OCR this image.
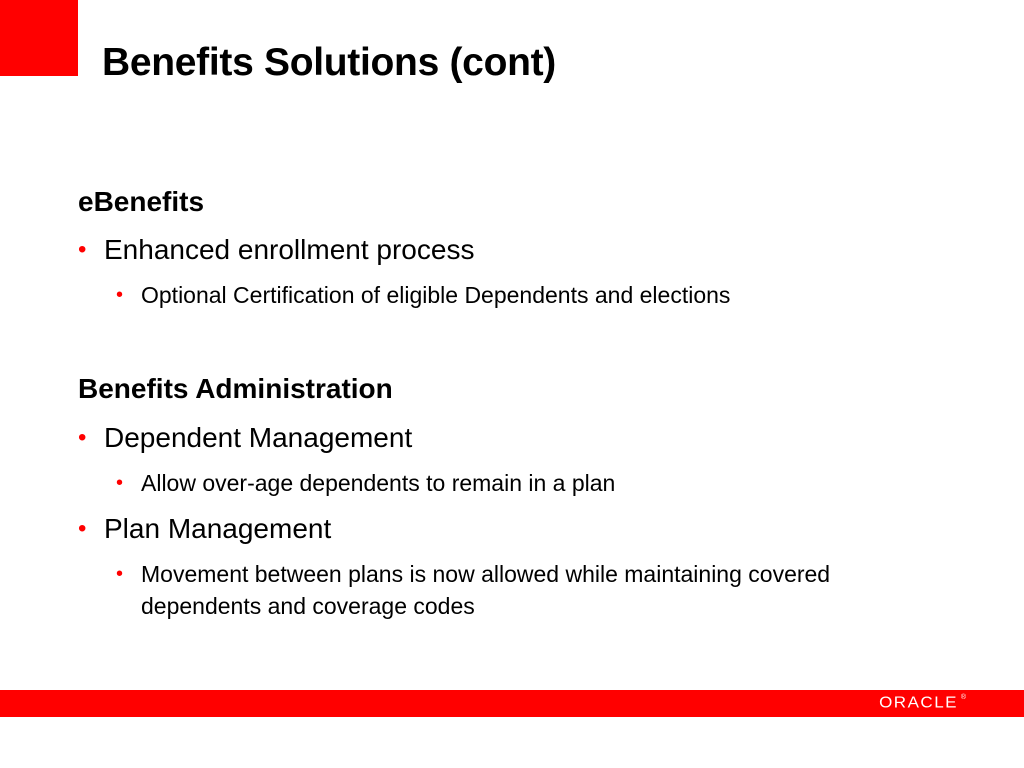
Benefits Solutions (cont)
eBenefits
• Enhanced enrollment process
• Optional Certification of eligible Dependents and elections
Benefits Administration
• Dependent Management
• Allow over-age dependents to remain in a plan
• Plan Management
• Movement between plans is now allowed while maintaining covered dependents and coverage codes
ORACLE ®
